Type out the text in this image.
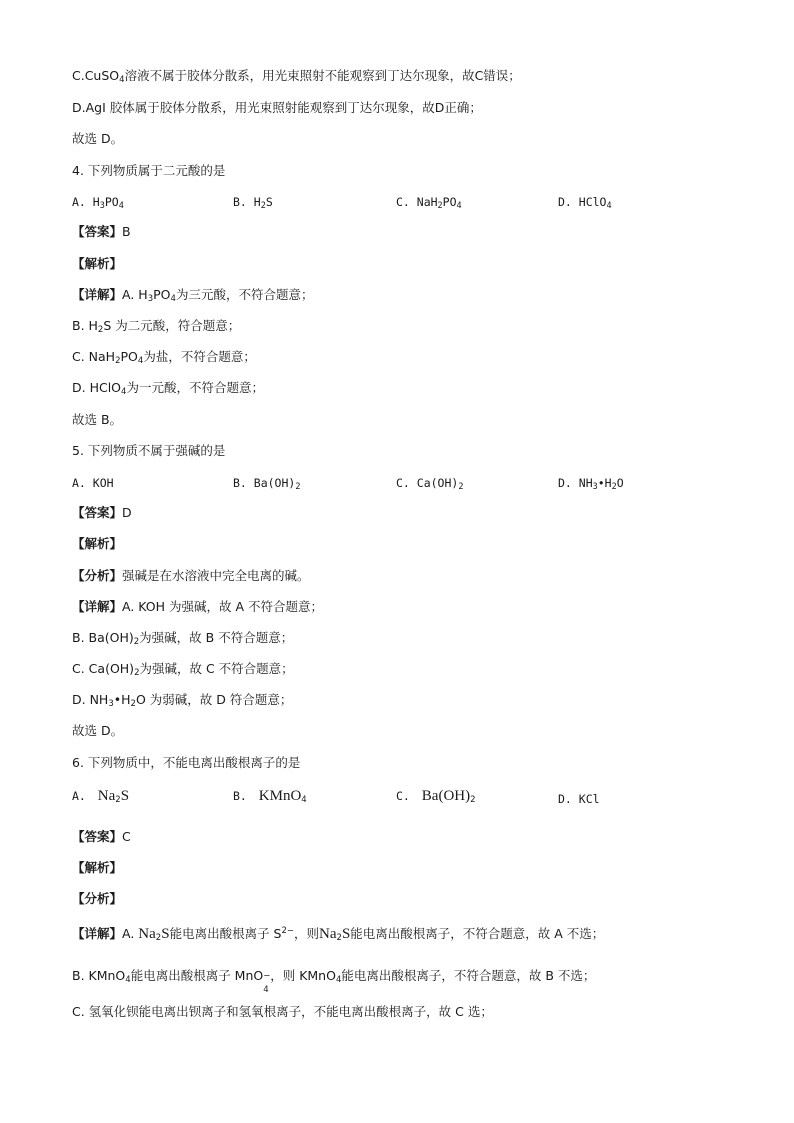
C.CuSO$_4$溶液不属于胶体分散系，用光束照射不能观察到丁达尔现象，故C错误；
D.AgI 胶体属于胶体分散系，用光束照射能观察到丁达尔现象，故D正确；
故选 D。
4. 下列物质属于二元酸的是
A. $H_3PO_4$	B. $H_2S$	C. $NaH_2PO_4$	D. HClO$_4$
【答案】B
【解析】
【详解】A. $H_3PO_4$为三元酸，不符合题意；
B. $H_2S$ 为二元酸，符合题意；
C. $NaH_2PO_4$为盐，不符合题意；
D. HClO$_4$为一元酸，不符合题意；
故选 B。
5. 下列物质不属于强碱的是
A. KOH	B. $Ba(OH)_2$	C. $Ca(OH)_2$	D. $NH_3•H_2O$
【答案】D
【解析】
【分析】强碱是在水溶液中完全电离的碱。
【详解】A. KOH 为强碱，故 A 不符合题意；
B. $Ba(OH)_2$为强碱，故 B 不符合题意；
C. $Ca(OH)_2$为强碱，故 C 不符合题意；
D. $NH_3•H_2O$ 为弱碱，故 D 符合题意；
故选 D。
6. 下列物质中，不能电离出酸根离子的是
A. $Na_2S$	B. KMnO$_4$	C. $Ba(OH)_2$	D. KCl
【答案】C
【解析】
【分析】
【详解】A. $Na_2S$能电离出酸根离子 $S^{2-}$，则$Na_2S$能电离出酸根离子，不符合题意，故 A 不选；
B. KMnO$_4$能电离出酸根离子 MnO −
4
，则 KMnO$_4$能电离出酸根离子，不符合题意，故 B 不选；
C. 氢氧化钡能电离出钡离子和氢氧根离子，不能电离出酸根离子，故 C 选；
